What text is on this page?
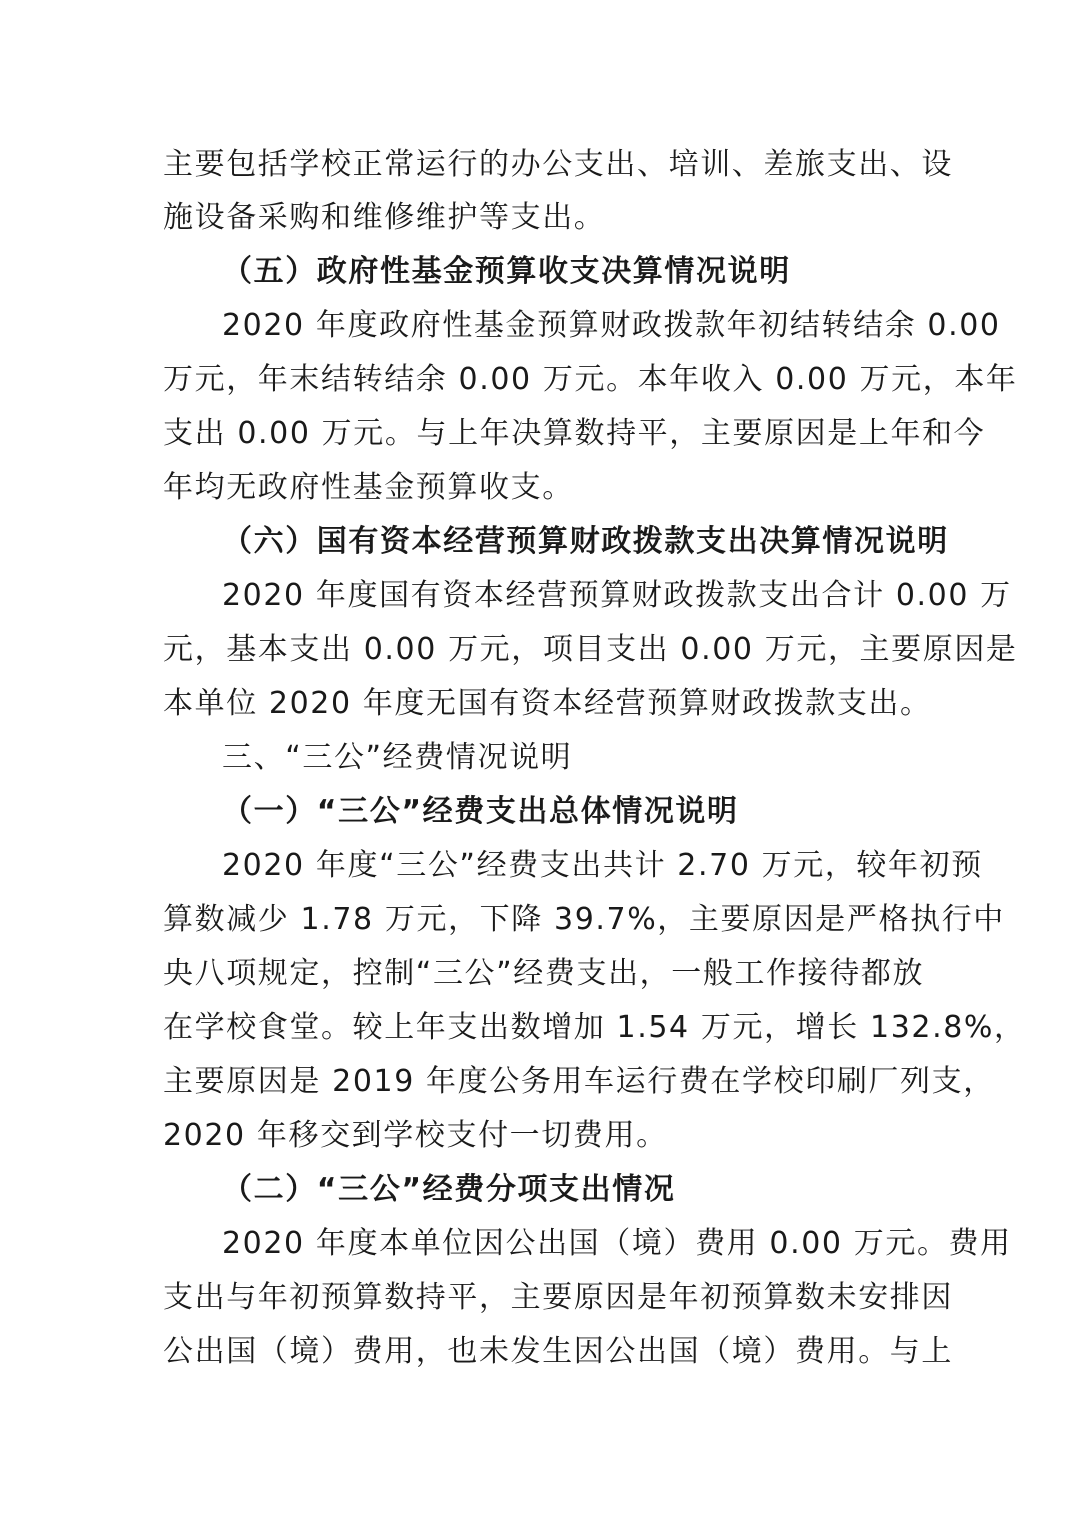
主要包括学校正常运行的办公支出、培训、差旅支出、设
施设备采购和维修维护等支出。
（五）政府性基金预算收支决算情况说明
2020 年度政府性基金预算财政拨款年初结转结余 0.00
万元，年末结转结余 0.00 万元。本年收入 0.00 万元，本年
支出 0.00 万元。与上年决算数持平，主要原因是上年和今
年均无政府性基金预算收支。
（六）国有资本经营预算财政拨款支出决算情况说明
2020 年度国有资本经营预算财政拨款支出合计 0.00 万
元，基本支出 0.00 万元，项目支出 0.00 万元，主要原因是
本单位 2020 年度无国有资本经营预算财政拨款支出。
三、“三公”经费情况说明
（一）“三公”经费支出总体情况说明
2020 年度“三公”经费支出共计 2.70 万元，较年初预
算数减少 1.78 万元，下降 39.7%，主要原因是严格执行中
央八项规定，控制“三公”经费支出，一般工作接待都放
在学校食堂。较上年支出数增加 1.54 万元，增长 132.8%，
主要原因是 2019 年度公务用车运行费在学校印刷厂列支，
2020 年移交到学校支付一切费用。
（二）“三公”经费分项支出情况
2020 年度本单位因公出国（境）费用 0.00 万元。费用
支出与年初预算数持平，主要原因是年初预算数未安排因
公出国（境）费用，也未发生因公出国（境）费用。与上
